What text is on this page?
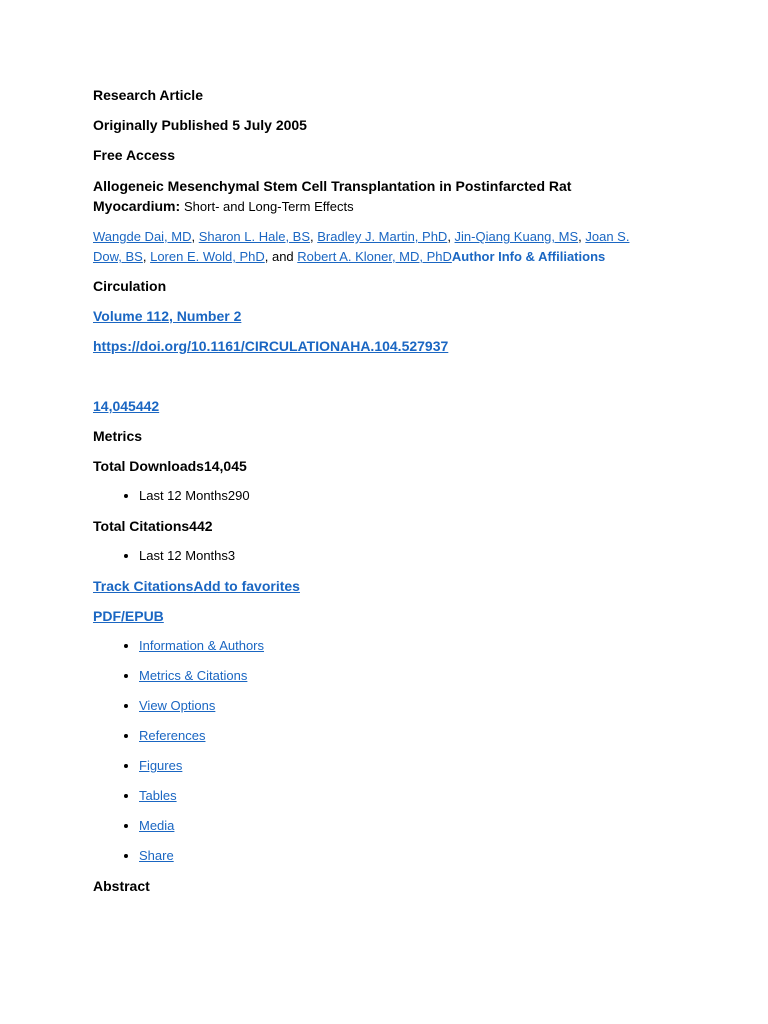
Research Article

Originally Published 5 July 2005

Free Access

Allogeneic Mesenchymal Stem Cell Transplantation in Postinfarcted Rat Myocardium: Short- and Long-Term Effects

Wangde Dai, MD, Sharon L. Hale, BS, Bradley J. Martin, PhD, Jin-Qiang Kuang, MS, Joan S. Dow, BS, Loren E. Wold, PhD, and Robert A. Kloner, MD, PhDAuthor Info & Affiliations

Circulation

Volume 112, Number 2

https://doi.org/10.1161/CIRCULATIONAHA.104.527937

14,045442

Metrics

Total Downloads14,045

• Last 12 Months290

Total Citations442

• Last 12 Months3

Track CitationsAdd to favorites

PDF/EPUB

• Information & Authors
• Metrics & Citations
• View Options
• References
• Figures
• Tables
• Media
• Share

Abstract
